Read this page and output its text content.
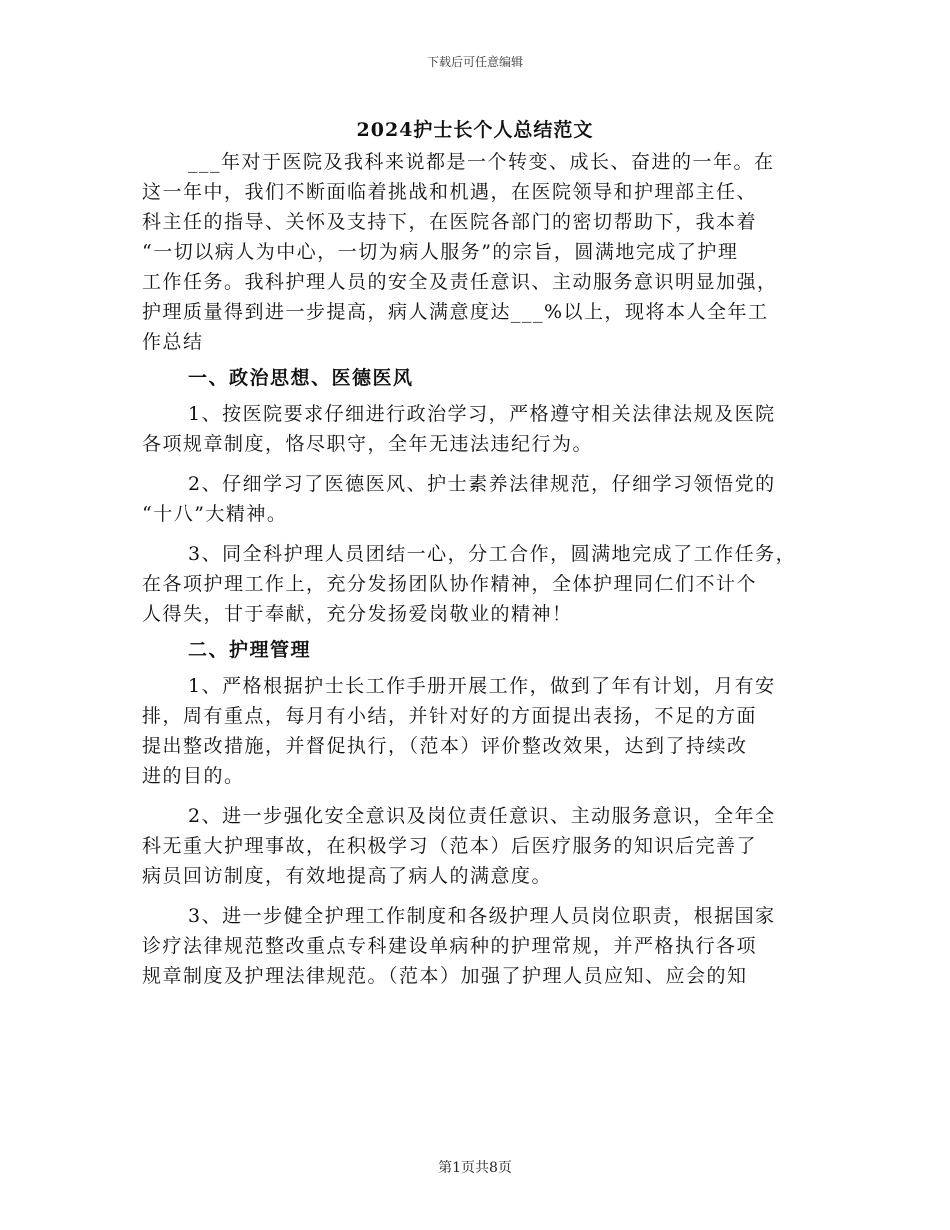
下载后可任意编辑
2024护士长个人总结范文
___年对于医院及我科来说都是一个转变、成长、奋进的一年。在
这一年中，我们不断面临着挑战和机遇，在医院领导和护理部主任、
科主任的指导、关怀及支持下，在医院各部门的密切帮助下，我本着
“一切以病人为中心，一切为病人服务”的宗旨，圆满地完成了护理
工作任务。我科护理人员的安全及责任意识、主动服务意识明显加强，
护理质量得到进一步提高，病人满意度达___%以上，现将本人全年工
作总结
一、政治思想、医德医风
1、按医院要求仔细进行政治学习，严格遵守相关法律法规及医院
各项规章制度，恪尽职守，全年无违法违纪行为。
2、仔细学习了医德医风、护士素养法律规范，仔细学习领悟党的
“十八”大精神。
3、同全科护理人员团结一心，分工合作，圆满地完成了工作任务，
在各项护理工作上，充分发扬团队协作精神，全体护理同仁们不计个
人得失，甘于奉献，充分发扬爱岗敬业的精神！
二、护理管理
1、严格根据护士长工作手册开展工作，做到了年有计划，月有安
排，周有重点，每月有小结，并针对好的方面提出表扬，不足的方面
提出整改措施，并督促执行，（范本）评价整改效果，达到了持续改
进的目的。
2、进一步强化安全意识及岗位责任意识、主动服务意识，全年全
科无重大护理事故，在积极学习（范本）后医疗服务的知识后完善了
病员回访制度，有效地提高了病人的满意度。
3、进一步健全护理工作制度和各级护理人员岗位职责，根据国家
诊疗法律规范整改重点专科建设单病种的护理常规，并严格执行各项
规章制度及护理法律规范。（范本）加强了护理人员应知、应会的知
第1页共8页
